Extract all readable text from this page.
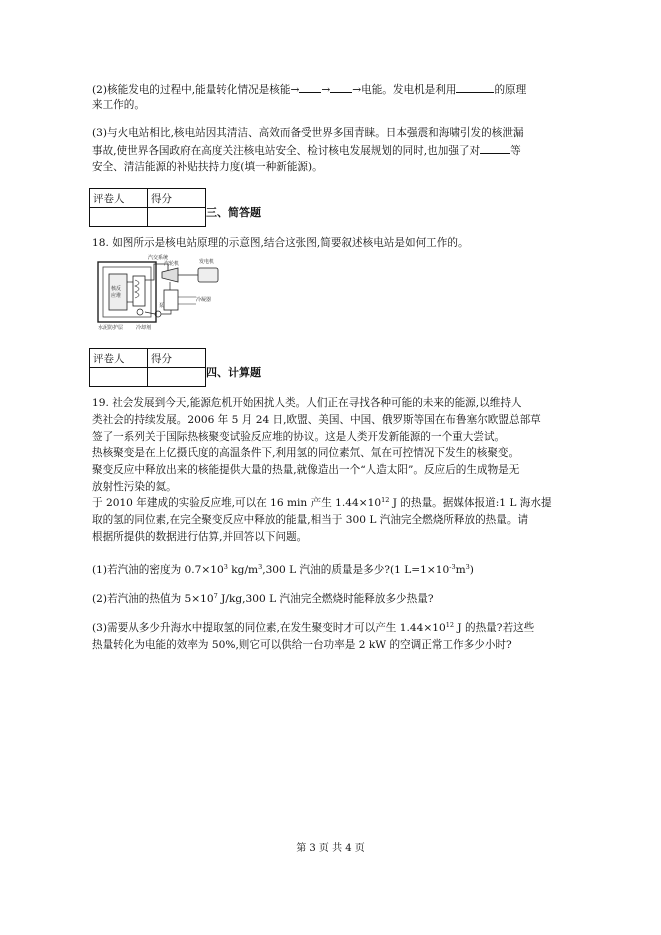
(2)核能发电的过程中,能量转化情况是核能→ → →电能。发电机是利用	的原理
来工作的。
(3)与火电站相比,核电站因其清洁、高效而备受世界多国青睐。日本强震和海啸引发的核泄漏
事故,使世界各国政府在高度关注核电站安全、检讨核电发展规划的同时,也加强了对	等
安全、清洁能源的补贴扶持力度(填一种新能源)。
评卷人	得分

三、简答题
18. 如图所示是核电站原理的示意图,结合这张图,简要叙述核电站是如何工作的。
核反
应堆
汽交系统
汽轮机	发电机
冷凝器
泵
水泥防护层	冷却剂
评卷人	得分

四、计算题
19. 社会发展到今天,能源危机开始困扰人类。人们正在寻找各种可能的未来的能源,以维持人
类社会的持续发展。2006 年 5 月 24 日,欧盟、美国、中国、俄罗斯等国在布鲁塞尔欧盟总部草
签了一系列关于国际热核聚变试验反应堆的协议。这是人类开发新能源的一个重大尝试。
热核聚变是在上亿摄氏度的高温条件下,利用氢的同位素氘、氚在可控情况下发生的核聚变。
聚变反应中释放出来的核能提供大量的热量,就像造出一个“人造太阳”。反应后的生成物是无
放射性污染的氦。
于 2010 年建成的实验反应堆,可以在 16 min 产生 $1.44\times 10^{12}$ J 的热量。据媒体报道:1 L 海水提
取的氢的同位素,在完全聚变反应中释放的能量,相当于 300 L 汽油完全燃烧所释放的热量。请
根据所提供的数据进行估算,并回答以下问题。
(1)若汽油的密度为 $0.7\times 10^3$ $kg/m^3,300$ L 汽油的质量是多少?(1 $L=1\times 10^{-3}m^3$)
(2)若汽油的热值为 $5\times 10^7$ J/kg,300 L 汽油完全燃烧时能释放多少热量?
(3)需要从多少升海水中提取氢的同位素,在发生聚变时才可以产生 $1.44\times 10^{12}$ J 的热量?若这些
热量转化为电能的效率为 50%,则它可以供给一台功率是 2 kW 的空调正常工作多少小时?
第 3 页 共 4 页
